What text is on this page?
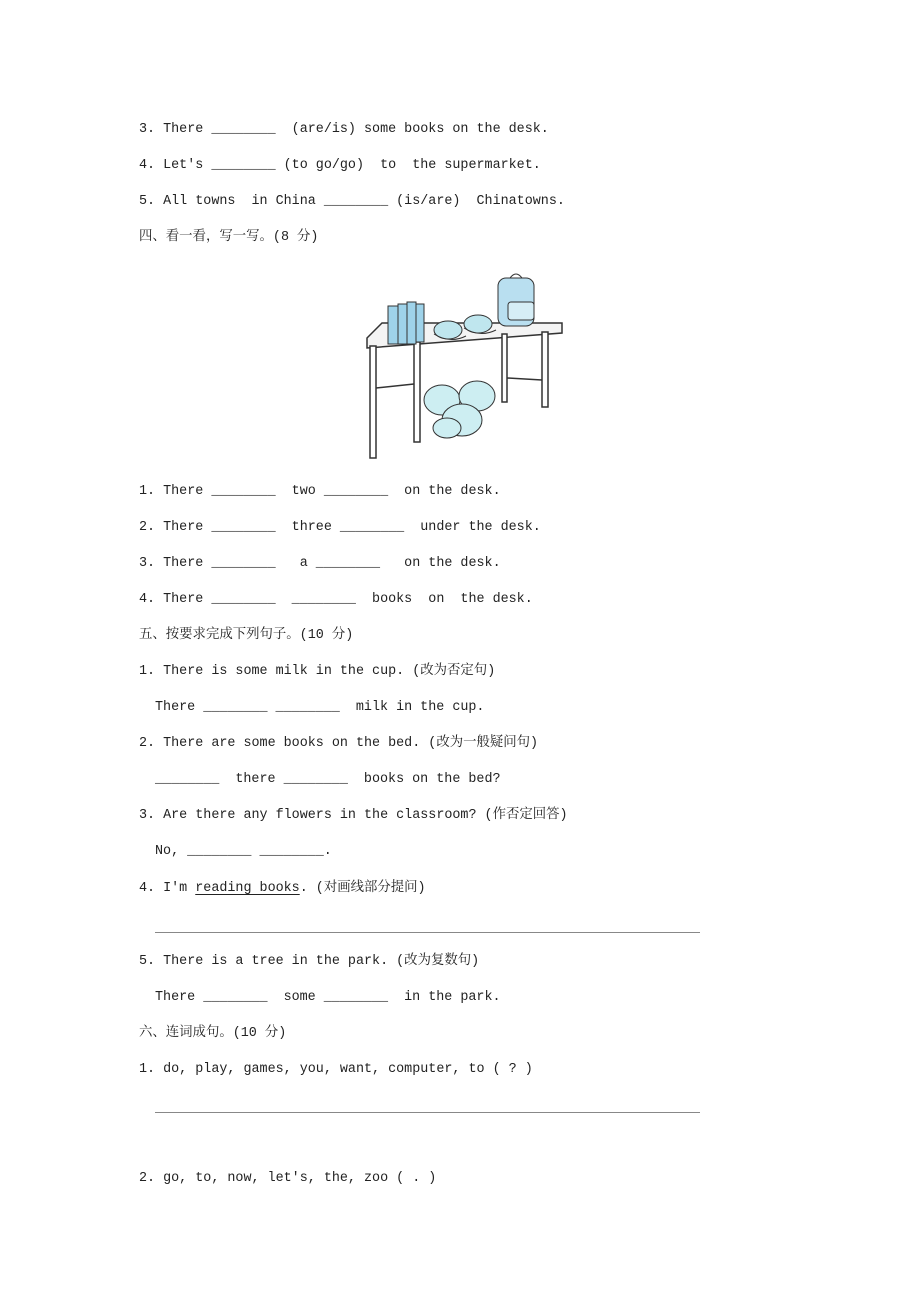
3. There ________  (are/is) some books on the desk.
4. Let's ________ (to go/go)  to  the supermarket.
5. All towns  in China ________ (is/are)  Chinatowns.
四、看一看，写一写。(8 分)
1. There ________  two ________  on the desk.
2. There ________  three ________  under the desk.
3. There ________   a ________   on the desk.
4. There ________  ________  books  on  the desk.
五、按要求完成下列句子。(10 分)
1. There is some milk in the cup. (改为否定句)
There ________ ________  milk in the cup.
2. There are some books on the bed. (改为一般疑问句)
________  there ________  books on the bed?
3. Are there any flowers in the classroom? (作否定回答)
No, ________ ________.
4. I'm reading books. (对画线部分提问)
5. There is a tree in the park. (改为复数句)
There ________  some ________  in the park.
六、连词成句。(10 分)
1. do, play, games, you, want, computer, to ( ? )
2. go, to, now, let's, the, zoo ( . )
